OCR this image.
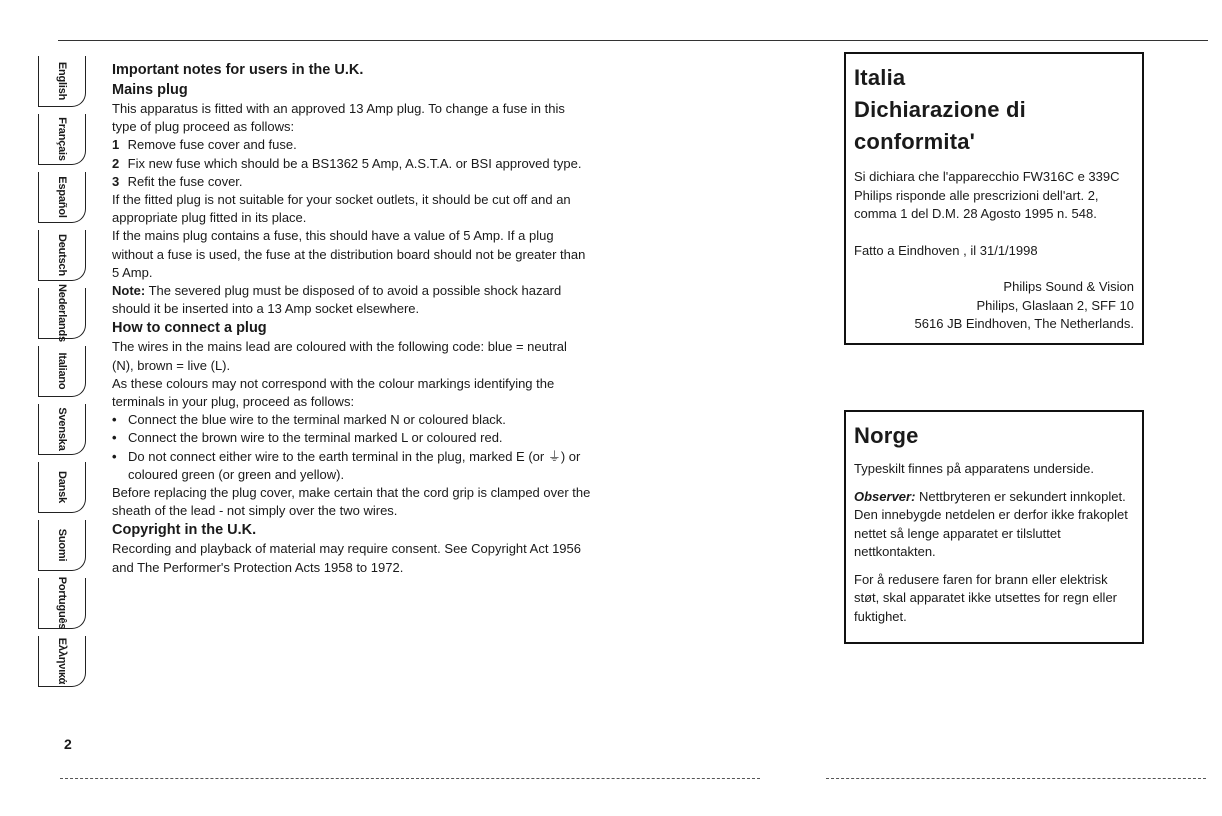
English
Français
Español
Deutsch
Nederlands
Italiano
Svenska
Dansk
Suomi
Português
Ελληνικά
2
Important notes for users in the U.K.
Mains plug

This apparatus is fitted with an approved 13 Amp plug. To change a fuse in this type of plug proceed as follows:

1 Remove fuse cover and fuse.

2 Fix new fuse which should be a BS1362 5 Amp, A.S.T.A. or BSI approved type.

3 Refit the fuse cover.

If the fitted plug is not suitable for your socket outlets, it should be cut off and an appropriate plug fitted in its place.

If the mains plug contains a fuse, this should have a value of 5 Amp. If a plug without a fuse is used, the fuse at the distribution board should not be greater than 5 Amp.

Note: The severed plug must be disposed of to avoid a possible shock hazard should it be inserted into a 13 Amp socket elsewhere.

How to connect a plug

The wires in the mains lead are coloured with the following code: blue = neutral (N), brown = live (L).

As these colours may not correspond with the colour markings identifying the terminals in your plug, proceed as follows:

• Connect the blue wire to the terminal marked N or coloured black.

• Connect the brown wire to the terminal marked L or coloured red.

• Do not connect either wire to the earth terminal in the plug, marked E (or ⏚) or coloured green (or green and yellow).

Before replacing the plug cover, make certain that the cord grip is clamped over the sheath of the lead - not simply over the two wires.

Copyright in the U.K.

Recording and playback of material may require consent. See Copyright Act 1956 and The Performer's Protection Acts 1958 to 1972.

Italia
Dichiarazione di conformita'

Si dichiara che l'apparecchio FW316C e 339C Philips risponde alle prescrizioni dell'art. 2, comma 1 del D.M. 28 Agosto 1995 n. 548.

Fatto a Eindhoven , il 31/1/1998

Philips Sound & Vision

Philips, Glaslaan 2, SFF 10

5616 JB Eindhoven, The Netherlands.

Norge

Typeskilt finnes på apparatens underside.

Observer: Nettbryteren er sekundert innkoplet. Den innebygde netdelen er derfor ikke frakoplet nettet så lenge apparatet er tilsluttet nettkontakten.

For å redusere faren for brann eller elektrisk støt, skal apparatet ikke utsettes for regn eller fuktighet.
